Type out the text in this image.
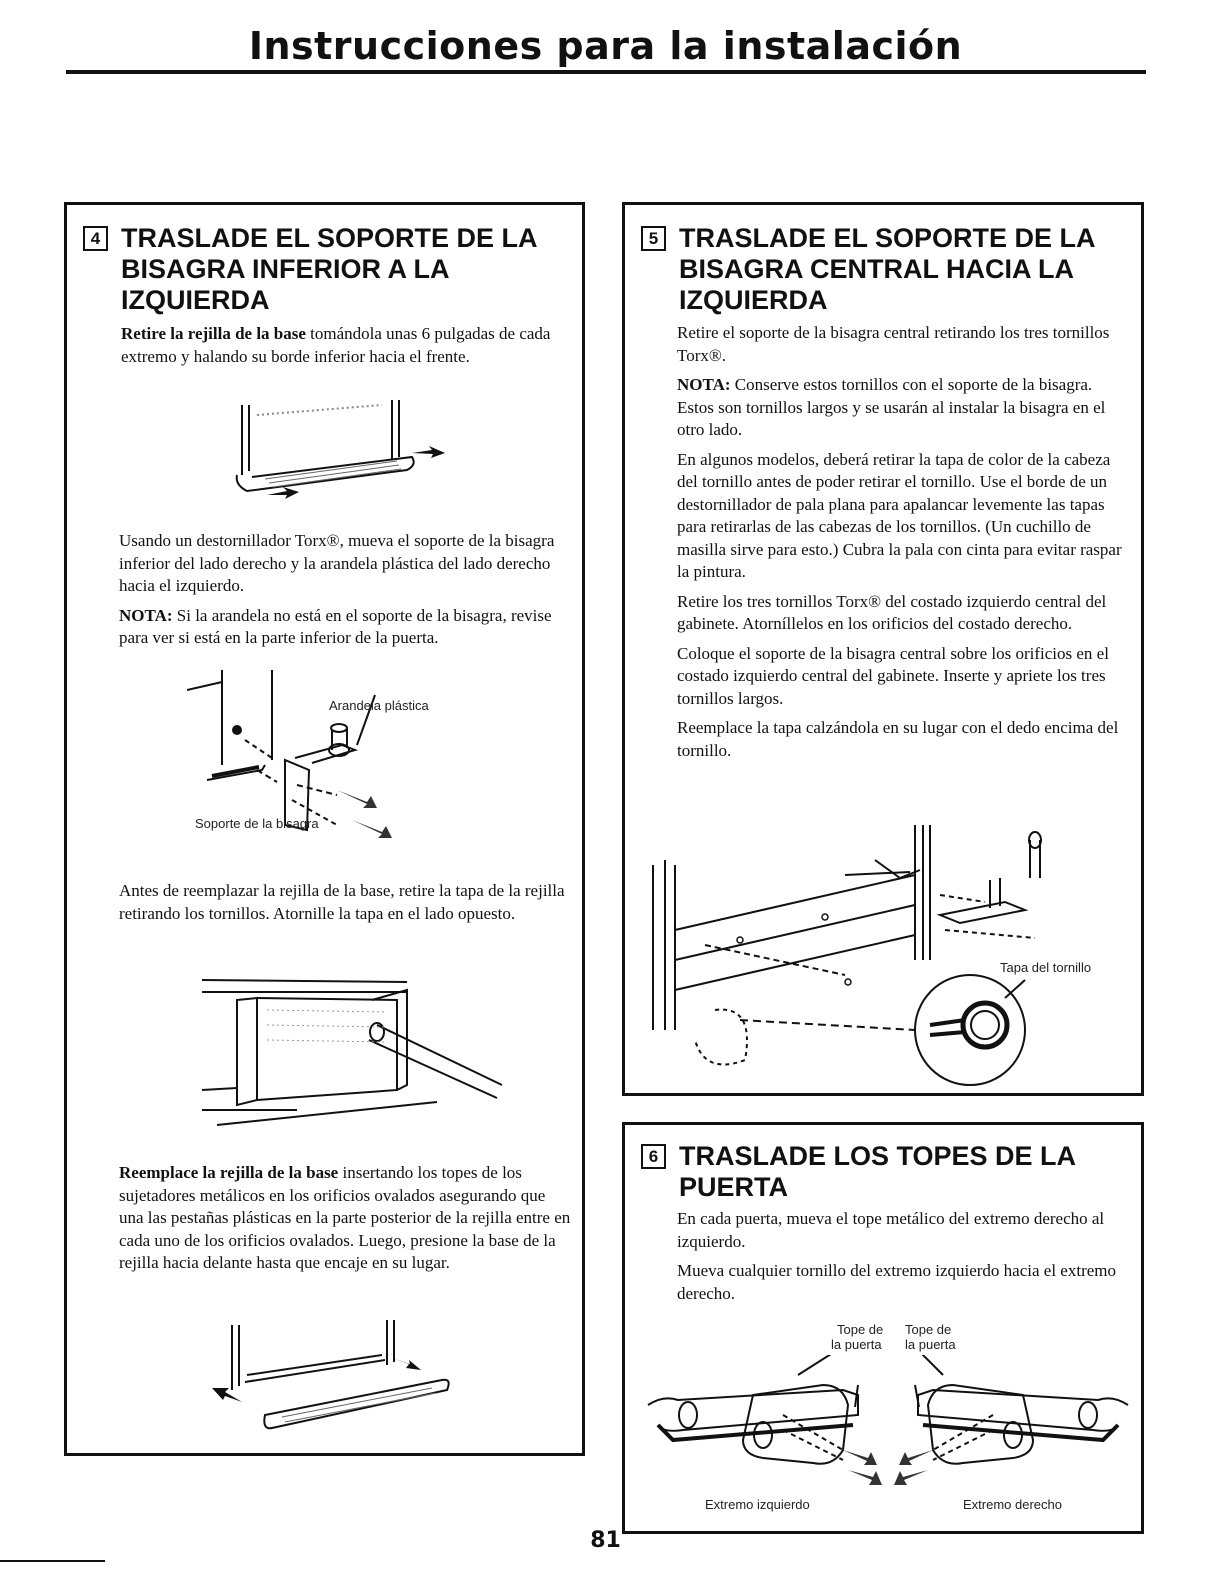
Instrucciones para la instalación
4 TRASLADE EL SOPORTE DE LA BISAGRA INFERIOR A LA IZQUIERDA

Retire la rejilla de la base tomándola unas 6 pulgadas de cada extremo y halando su borde inferior hacia el frente.

Usando un destornillador Torx®, mueva el soporte de la bisagra inferior del lado derecho y la arandela plástica del lado derecho hacia el izquierdo.

NOTA: Si la arandela no está en el soporte de la bisagra, revise para ver si está en la parte inferior de la puerta.

Arandela plástica
Soporte de la bisagra

Antes de reemplazar la rejilla de la base, retire la tapa de la rejilla retirando los tornillos. Atornille la tapa en el lado opuesto.

Reemplace la rejilla de la base insertando los topes de los sujetadores metálicos en los orificios ovalados asegurando que una las pestañas plásticas en la parte posterior de la rejilla entre en cada uno de los orificios ovalados. Luego, presione la base de la rejilla hacia delante hasta que encaje en su lugar.

5 TRASLADE EL SOPORTE DE LA BISAGRA CENTRAL HACIA LA IZQUIERDA

Retire el soporte de la bisagra central retirando los tres tornillos Torx®.

NOTA: Conserve estos tornillos con el soporte de la bisagra. Estos son tornillos largos y se usarán al instalar la bisagra en el otro lado.

En algunos modelos, deberá retirar la tapa de color de la cabeza del tornillo antes de poder retirar el tornillo. Use el borde de un destornillador de pala plana para apalancar levemente las tapas para retirarlas de las cabezas de los tornillos. (Un cuchillo de masilla sirve para esto.) Cubra la pala con cinta para evitar raspar la pintura.

Retire los tres tornillos Torx® del costado izquierdo central del gabinete. Atorníllelos en los orificios del costado derecho.

Coloque el soporte de la bisagra central sobre los orificios en el costado izquierdo central del gabinete. Inserte y apriete los tres tornillos largos.

Reemplace la tapa calzándola en su lugar con el dedo encima del tornillo.

Tapa del tornillo
6 TRASLADE LOS TOPES DE LA PUERTA

En cada puerta, mueva el tope metálico del extremo derecho al izquierdo.

Mueva cualquier tornillo del extremo izquierdo hacia el extremo derecho.

Tope de
la puerta
Tope de
la puerta
Extremo izquierdo	Extremo derecho
81
